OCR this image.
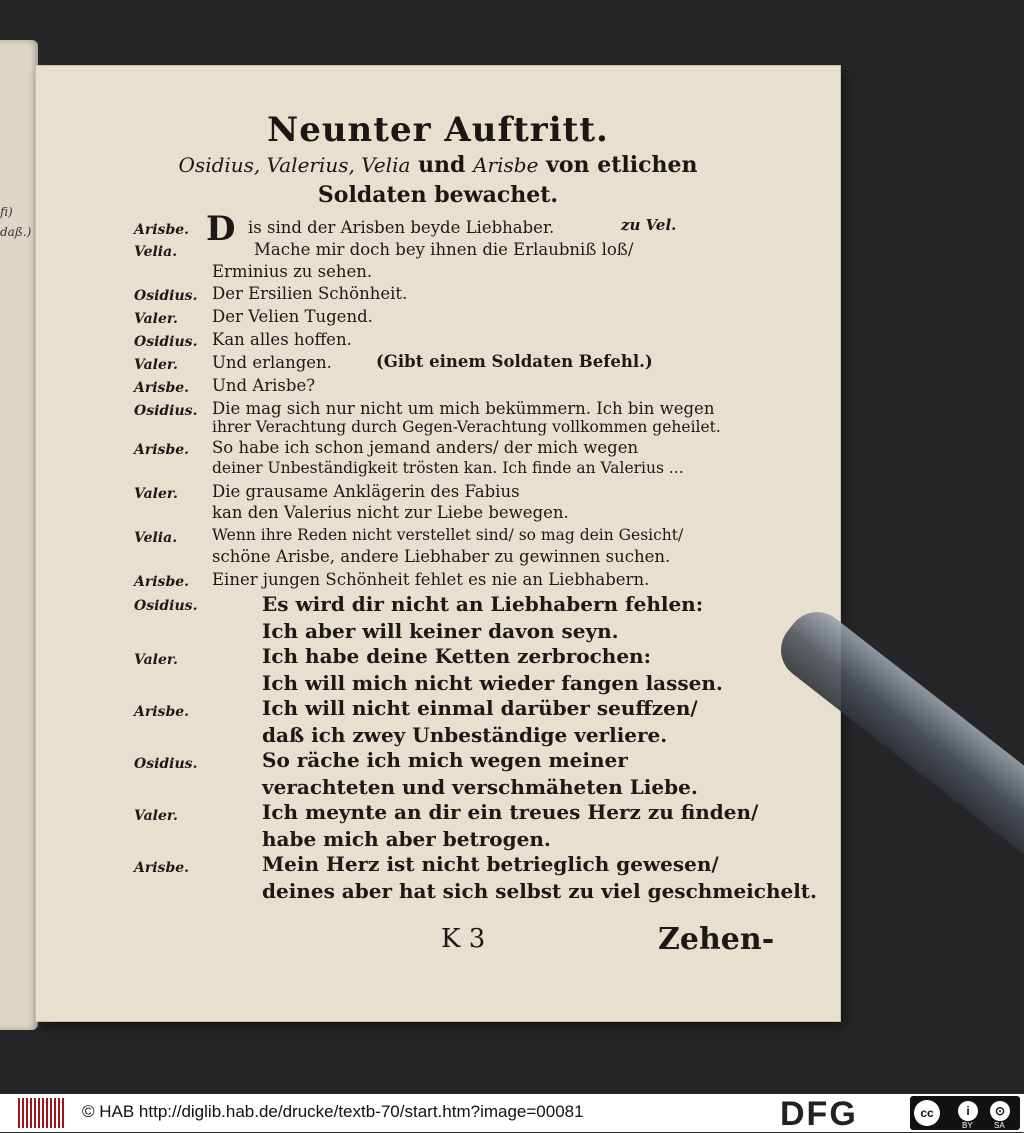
fi)
daß.)
Neunter Auftritt.
Osidius, Valerius, Velia und Arisbe von etlichen
Soldaten bewachet.
D	zu Vel.
Arisbe.	is sind der Arisben beyde Liebhaber.
Velia.	Mache mir doch bey ihnen die Erlaubniß loß/
Erminius zu sehen.
Osidius. Der Ersilien Schönheit.
Valer. Der Velien Tugend.
Osidius. Kan alles hoffen.
Valer. Und erlangen.	(Gibt einem Soldaten Befehl.)
Arisbe. Und Arisbe?
Osidius. Die mag sich nur nicht um mich bekümmern. Ich bin wegen
ihrer Verachtung durch Gegen-Verachtung vollkommen geheilet.
Arisbe. So habe ich schon jemand anders/ der mich wegen
deiner Unbeständigkeit trösten kan. Ich finde an Valerius ...
Valer. Die grausame Anklägerin des Fabius
kan den Valerius nicht zur Liebe bewegen.
Velia. Wenn ihre Reden nicht verstellet sind/ so mag dein Gesicht/
schöne Arisbe, andere Liebhaber zu gewinnen suchen.
Arisbe. Einer jungen Schönheit fehlet es nie an Liebhabern.
Osidius.	Es wird dir nicht an Liebhabern fehlen:
Ich aber will keiner davon seyn.
Valer.	Ich habe deine Ketten zerbrochen:
Ich will mich nicht wieder fangen lassen.
Arisbe.	Ich will nicht einmal darüber seuffzen/
daß ich zwey Unbeständige verliere.
Osidius.	So räche ich mich wegen meiner
verachteten und verschmäheten Liebe.
Valer.	Ich meynte an dir ein treues Herz zu finden/
habe mich aber betrogen.
Arisbe.	Mein Herz ist nicht betrieglich gewesen/
deines aber hat sich selbst zu viel geschmeichelt.
K 3	Zehen-
© HAB http://diglib.hab.de/drucke/textb-70/start.htm?image=00081	DFG	cc	i	⊙
BY	SA
